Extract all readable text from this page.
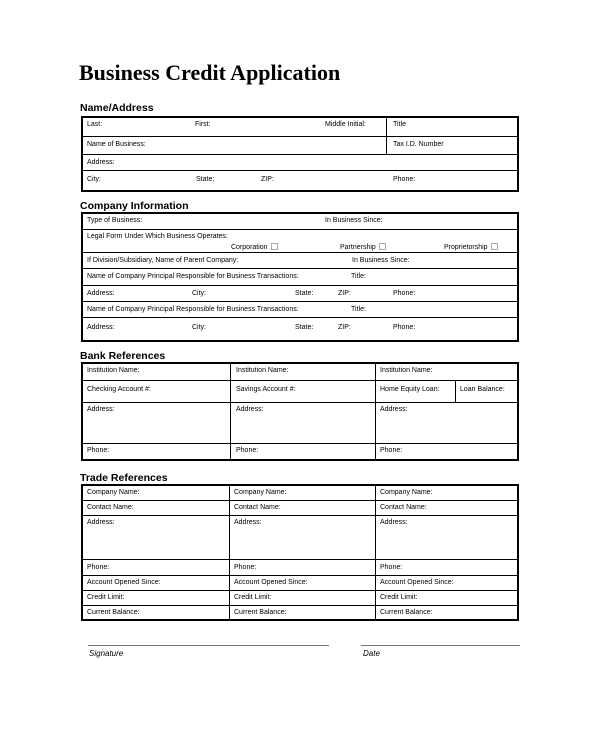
Business Credit Application
Name/Address
Last:	First:	Middle Initial:	Title
Name of Business:	Tax I.D. Number
Address:
City:	State:	ZIP:	Phone:
Company Information
Type of Business:	In Business Since:
Legal Form Under Which Business Operates:
Corporation	Partnership	Proprietorship
If Division/Subsidiary, Name of Parent Company:	In Business Since:
Name of Company Principal Responsible for Business Transactions:	Title:
Address:	City:	State:	ZIP:	Phone:
Name of Company Principal Responsible for Business Transactions:	Title:
Address:	City:	State:	ZIP:	Phone:
Bank References
Institution Name:	Institution Name:	Institution Name:
Checking Account #:	Savings Account #:	Home Equity Loan:	Loan Balance:
Address:	Address:	Address:
Phone:	Phone:	Phone:
Trade References
Company Name:	Company Name:	Company Name:
Contact Name:	Contact Name:	Contact Name:
Address:	Address:	Address:
Phone:	Phone:	Phone:
Account Opened Since:	Account Opened Since:	Account Opened Since:
Credit Limit:	Credit Limit:	Credit Limit:
Current Balance:	Current Balance:	Current Balance:
Signature	Date
